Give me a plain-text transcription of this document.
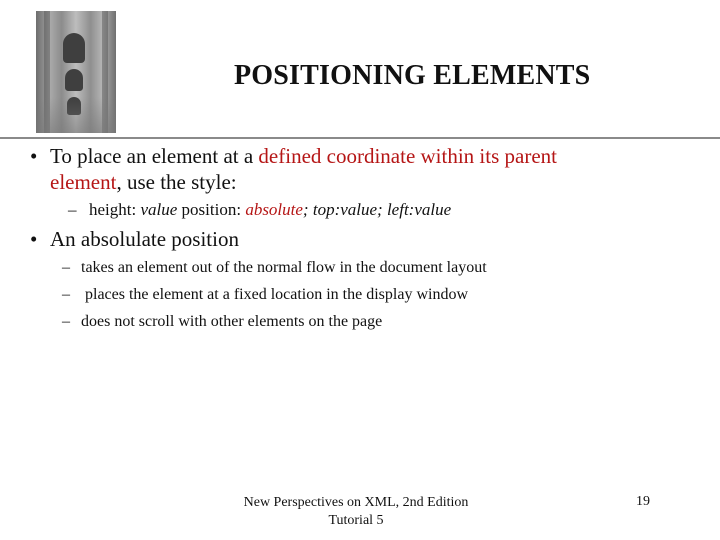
POSITIONING ELEMENTS
• To place an element at a defined coordinate within its parent
element, use the style:
– height: value position: absolute; top:value; left:value
• An absolulate position
– takes an element out of the normal flow in the document layout
– places the element at a fixed location in the display window
– does not scroll with other elements on the page
New Perspectives on XML, 2nd Edition
Tutorial 5
19
